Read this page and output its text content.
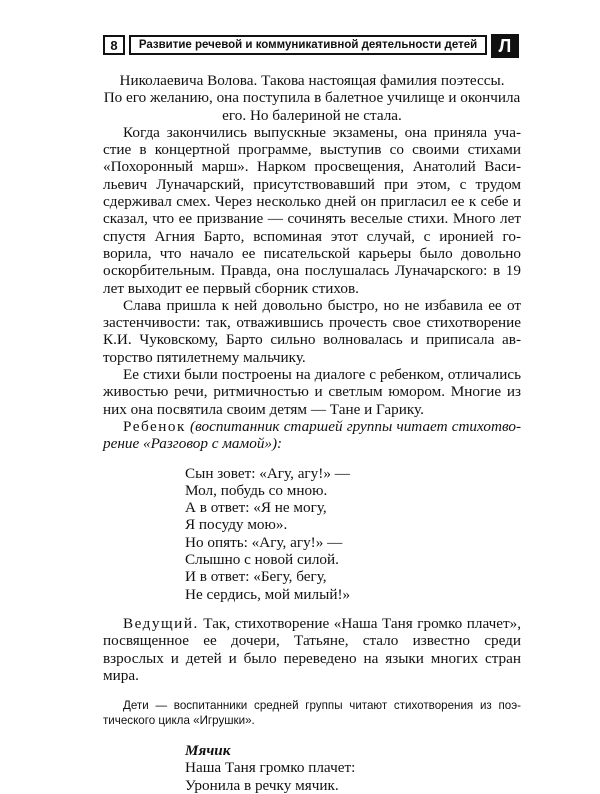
8	Развитие речевой и коммуникативной деятельности детей	Л

Николаевича Волова. Такова настоящая фамилия поэтессы.
По его желанию, она поступила в балетное училище и окончила
его. Но балериной не стала.

Когда закончились выпускные экзамены, она приняла участие в концертной программе, выступив со своими стихами «Похоронный марш». Нарком просвещения, Анатолий Васильевич Луначарский, присутствовавший при этом, с трудом сдерживал смех. Через несколько дней он пригласил ее к себе и сказал, что ее призвание — сочинять веселые стихи. Много лет спустя Агния Барто, вспоминая этот случай, с иронией говорила, что начало ее писательской карьеры было довольно оскорбительным. Правда, она послушалась Луначарского: в 19 лет выходит ее первый сборник стихов.

Слава пришла к ней довольно быстро, но не избавила ее от застенчивости: так, отважившись прочесть свое стихотворение К.И. Чуковскому, Барто сильно волновалась и приписала авторство пятилетнему мальчику.

Ее стихи были построены на диалоге с ребенком, отличaлись живостью речи, ритмичностью и светлым юмором. Многие из них она посвятила своим детям — Тане и Гарику.

Ребенок (воспитанник старшей группы читает стихотворение «Разговор с мамой»):

Сын зовет: «Агу, агу!» —
Мол, побудь со мною.
А в ответ: «Я не могу,
Я посуду мою».
Но опять: «Агу, агу!» —
Слышно с новой силой.
И в ответ: «Бегу, бегу,
Не сердись, мой милый!»

Ведущий. Так, стихотворение «Наша Таня громко плачет», посвященное ее дочери, Татьяне, стало известно среди взрослых и детей и было переведено на языки многих стран мира.

Дети — воспитанники средней группы читают стихотворения из поэтического цикла «Игрушки».

Мячик
Наша Таня громко плачет:
Уронила в речку мячик.
